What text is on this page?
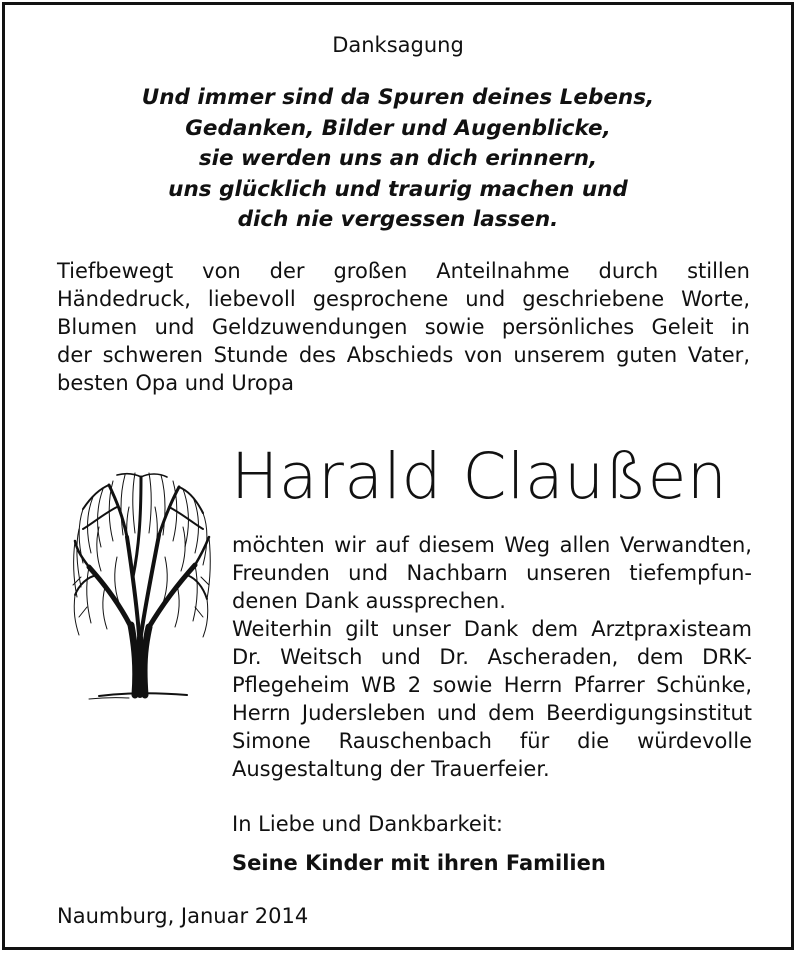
Danksagung
Und immer sind da Spuren deines Lebens,
Gedanken, Bilder und Augenblicke,
sie werden uns an dich erinnern,
uns glücklich und traurig machen und
dich nie vergessen lassen.
Tiefbewegt von der großen Anteilnahme durch stillen
Händedruck, liebevoll gesprochene und geschriebene Worte,
Blumen und Geldzuwendungen sowie persönliches Geleit in
der schweren Stunde des Abschieds von unserem guten Vater,
besten Opa und Uropa
Harald Claußen
möchten wir auf diesem Weg allen Verwandten,
Freunden und Nachbarn unseren tiefempfun-
denen Dank aussprechen.
Weiterhin gilt unser Dank dem Arztpraxisteam
Dr. Weitsch und Dr. Ascheraden, dem DRK-
Pflegeheim WB 2 sowie Herrn Pfarrer Schünke,
Herrn Judersleben und dem Beerdigungsinstitut
Simone Rauschenbach für die würdevolle
Ausgestaltung der Trauerfeier.
In Liebe und Dankbarkeit:
Seine Kinder mit ihren Familien
Naumburg, Januar 2014
